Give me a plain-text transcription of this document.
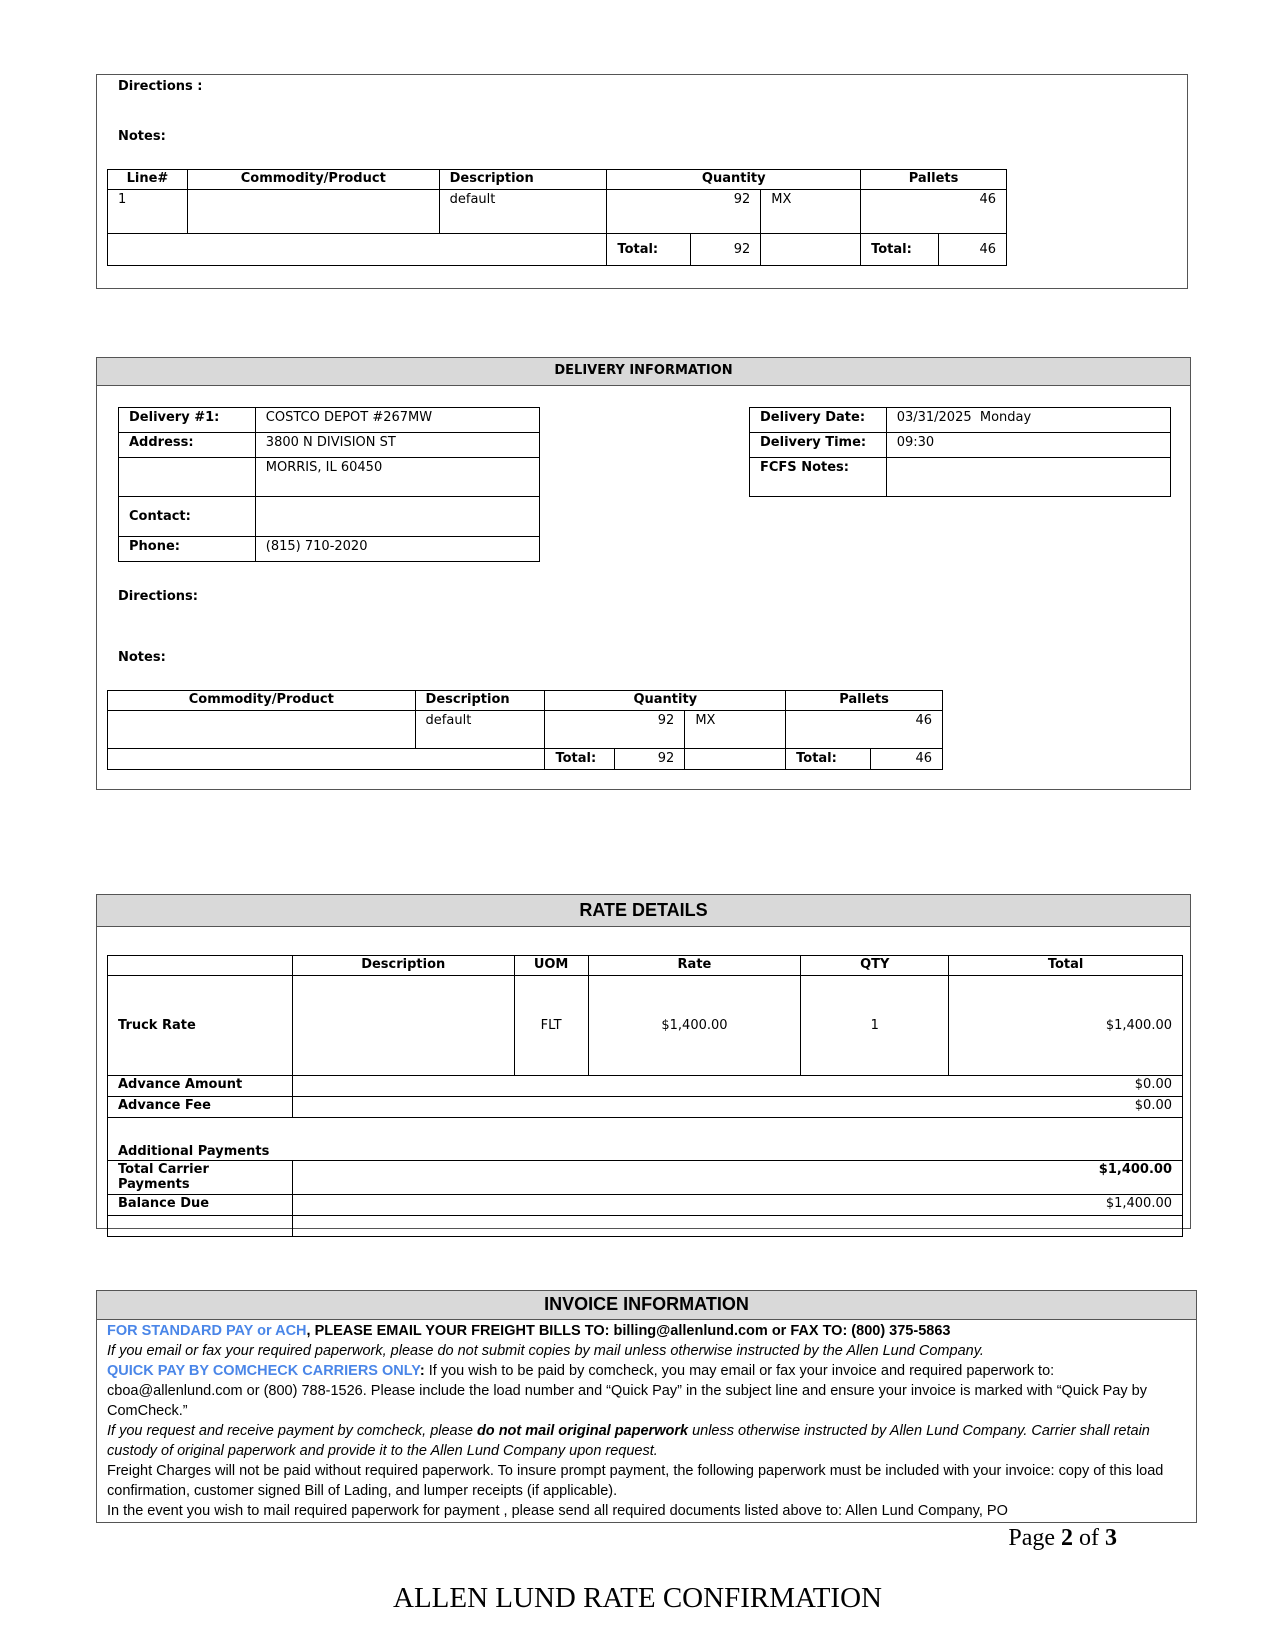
Directions :
Notes:
Line#	Commodity/Product	Description	Quantity			Pallets	
1		default	92		MX	46	
			Total:	92		Total:	46
DELIVERY INFORMATION
Delivery #1:	COSTCO DEPOT #267MW
Address:	3800 N DIVISION ST
	MORRIS, IL 60450
Contact:	
Phone:	(815) 710-2020
Delivery Date:	03/31/2025  Monday
Delivery Time:	09:30
FCFS Notes:	
Directions:
Notes:
Commodity/Product	Description	Quantity			Pallets	
	default	92		MX	46	
		Total:	92		Total:	46
RATE DETAILS
	Description	UOM	Rate	QTY	Total
Truck Rate		FLT	$1,400.00	1	$1,400.00
Advance Amount	$0.00				
Advance Fee	$0.00				
Additional Payments					
Total Carrier Payments	$1,400.00				
Balance Due	$1,400.00				

INVOICE INFORMATION
FOR STANDARD PAY or ACH, PLEASE EMAIL YOUR FREIGHT BILLS TO: billing@allenlund.com or FAX TO: (800) 375-5863
If you email or fax your required paperwork, please do not submit copies by mail unless otherwise instructed by the Allen Lund Company.
QUICK PAY BY COMCHECK CARRIERS ONLY: If you wish to be paid by comcheck, you may email or fax your invoice and required paperwork to: cboa@allenlund.com or (800) 788-1526. Please include the load number and “Quick Pay” in the subject line and ensure your invoice is marked with “Quick Pay by ComCheck.”
If you request and receive payment by comcheck, please do not mail original paperwork unless otherwise instructed by Allen Lund Company. Carrier shall retain custody of original paperwork and provide it to the Allen Lund Company upon request.
Freight Charges will not be paid without required paperwork. To insure prompt payment, the following paperwork must be included with your invoice: copy of this load confirmation, customer signed Bill of Lading, and lumper receipts (if applicable).
In the event you wish to mail required paperwork for payment , please send all required documents listed above to: Allen Lund Company, PO
Page 2 of 3
ALLEN LUND RATE CONFIRMATION
